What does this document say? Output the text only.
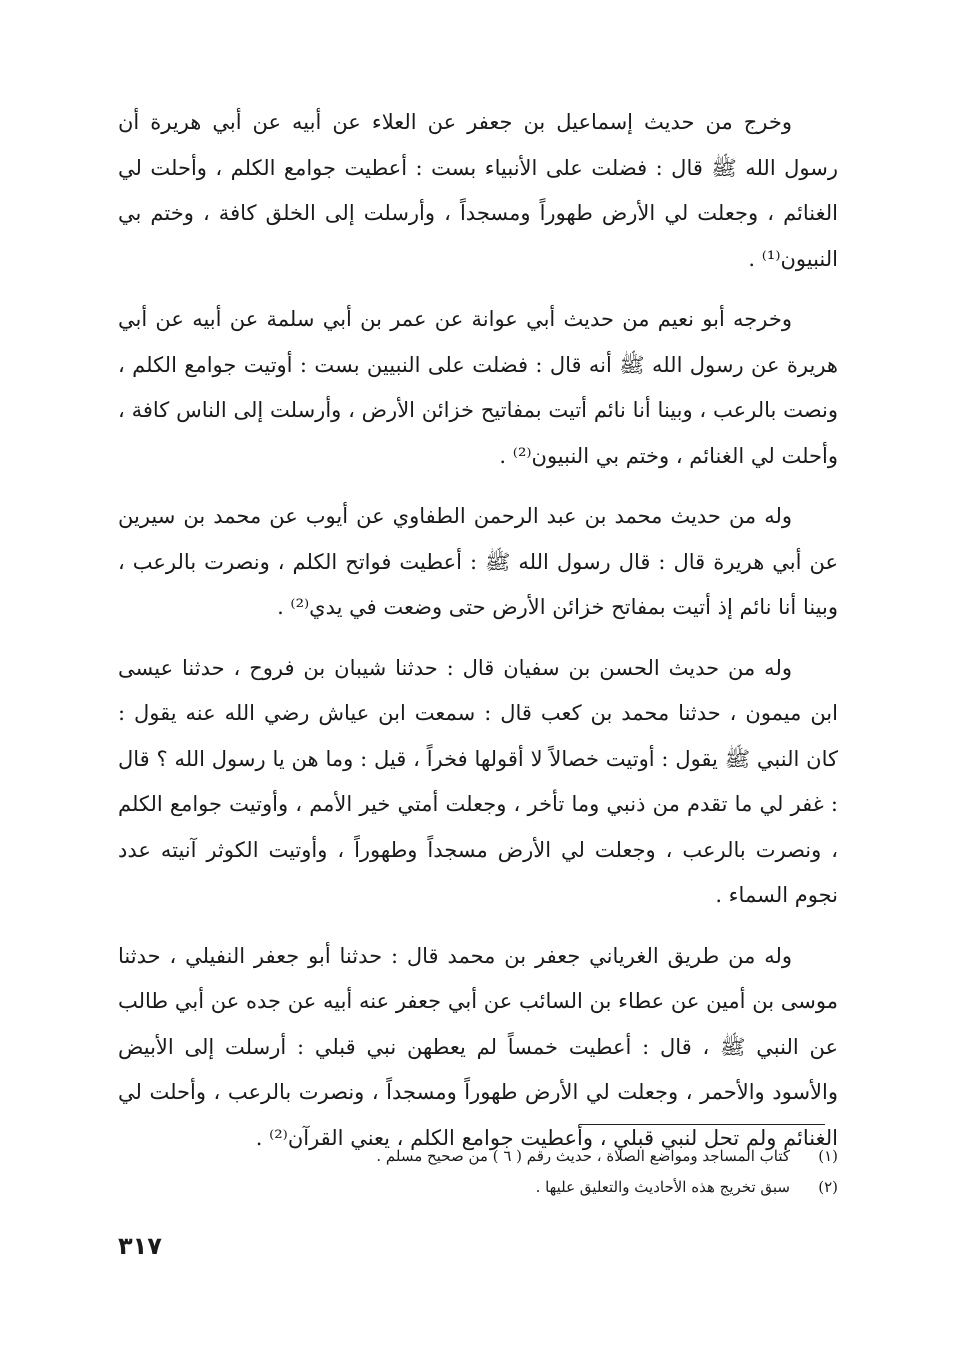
وخرج من حديث إسماعيل بن جعفر عن العلاء عن أبيه عن أبي هريرة أن رسول الله ﷺ قال : فضلت على الأنبياء بست : أعطيت جوامع الكلم ، وأحلت لي الغنائم ، وجعلت لي الأرض طهوراً ومسجداً ، وأرسلت إلى الخلق كافة ، وختم بي النبيون⁽¹⁾ .

وخرجه أبو نعيم من حديث أبي عوانة عن عمر بن أبي سلمة عن أبيه عن أبي هريرة عن رسول الله ﷺ أنه قال : فضلت على النبيين بست : أوتيت جوامع الكلم ، ونصت بالرعب ، وبينا أنا نائم أتيت بمفاتيح خزائن الأرض ، وأرسلت إلى الناس كافة ، وأحلت لي الغنائم ، وختم بي النبيون⁽²⁾ .

وله من حديث محمد بن عبد الرحمن الطفاوي عن أيوب عن محمد بن سيرين عن أبي هريرة قال : قال رسول الله ﷺ : أعطيت فواتح الكلم ، ونصرت بالرعب ، وبينا أنا نائم إذ أتيت بمفاتح خزائن الأرض حتى وضعت في يدي⁽²⁾ .

وله من حديث الحسن بن سفيان قال : حدثنا شيبان بن فروح ، حدثنا عيسى ابن ميمون ، حدثنا محمد بن كعب قال : سمعت ابن عياش رضي الله عنه يقول : كان النبي ﷺ يقول : أوتيت خصالاً لا أقولها فخراً ، قيل : وما هن يا رسول الله ؟ قال : غفر لي ما تقدم من ذنبي وما تأخر ، وجعلت أمتي خير الأمم ، وأوتيت جوامع الكلم ، ونصرت بالرعب ، وجعلت لي الأرض مسجداً وطهوراً ، وأوتيت الكوثر آنيته عدد نجوم السماء .

وله من طريق الغرياني جعفر بن محمد قال : حدثنا أبو جعفر النفيلي ، حدثنا موسى بن أمين عن عطاء بن السائب عن أبي جعفر عنه أبيه عن جده عن أبي طالب عن النبي ﷺ ، قال : أعطيت خمساً لم يعطهن نبي قبلي : أرسلت إلى الأبيض والأسود والأحمر ، وجعلت لي الأرض طهوراً ومسجداً ، ونصرت بالرعب ، وأحلت لي الغنائم ولم تحل لنبي قبلي ، وأعطيت جوامع الكلم ، يعني القرآن⁽²⁾ .

(١)
كتاب المساجد ومواضع الصلاة ، حديث رقم ( ٦ ) من صحيح مسلم .
(٢)
سبق تخريج هذه الأحاديث والتعليق عليها .
٣١٧
